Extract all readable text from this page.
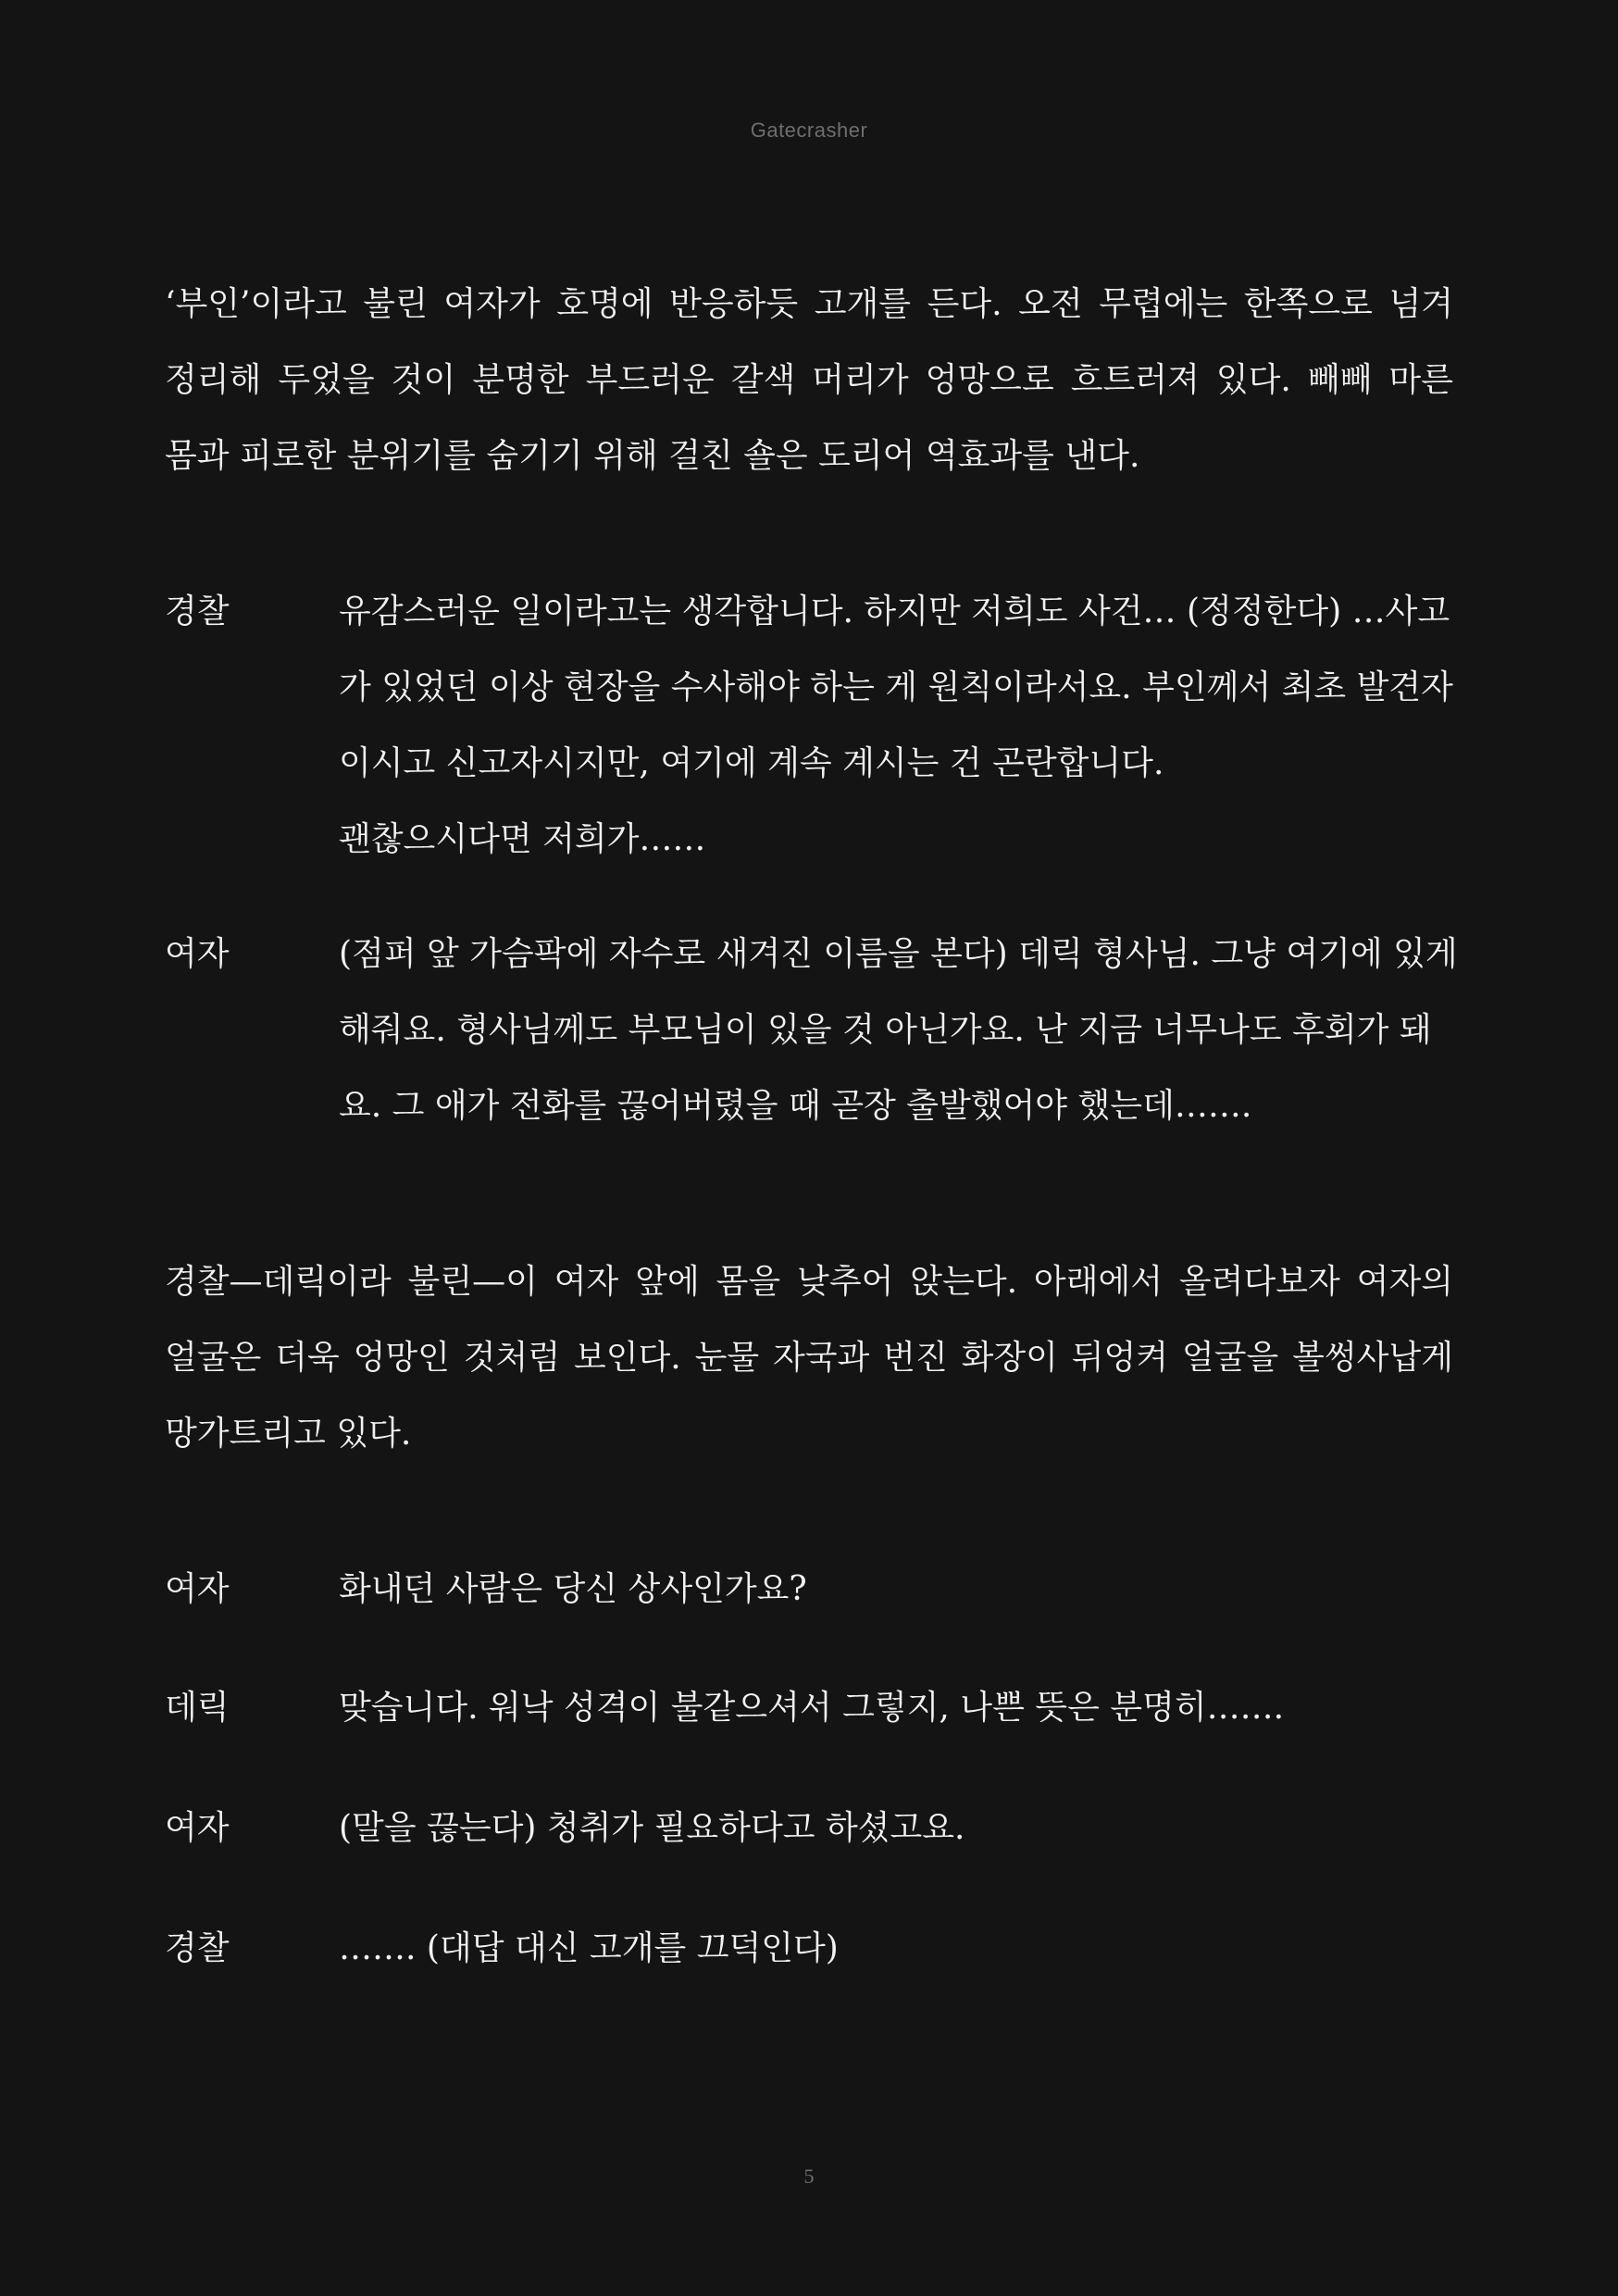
Gatecrasher

‘부인’이라고 불린 여자가 호명에 반응하듯 고개를 든다. 오전 무렵에는 한쪽으로 넘겨 정리해 두었을 것이 분명한 부드러운 갈색 머리가 엉망으로 흐트러져 있다. 빼빼 마른 몸과 피로한 분위기를 숨기기 위해 걸친 숄은 도리어 역효과를 낸다.

경찰	유감스러운 일이라고는 생각합니다. 하지만 저희도 사건… (정정한다) …사고
가 있었던 이상 현장을 수사해야 하는 게 원칙이라서요. 부인께서 최초 발견자
이시고 신고자시지만, 여기에 계속 계시는 건 곤란합니다.
괜찮으시다면 저희가……
여자	(점퍼 앞 가슴팍에 자수로 새겨진 이름을 본다) 데릭 형사님. 그냥 여기에 있게
해줘요. 형사님께도 부모님이 있을 것 아닌가요. 난 지금 너무나도 후회가 돼
요. 그 애가 전화를 끊어버렸을 때 곧장 출발했어야 했는데…….

경찰—데릭이라 불린—이 여자 앞에 몸을 낮추어 앉는다. 아래에서 올려다보자 여자의 얼굴은 더욱 엉망인 것처럼 보인다. 눈물 자국과 번진 화장이 뒤엉켜 얼굴을 볼썽사납게 망가트리고 있다.

여자	화내던 사람은 당신 상사인가요?
데릭	맞습니다. 워낙 성격이 불같으셔서 그렇지, 나쁜 뜻은 분명히…….
여자	(말을 끊는다) 청취가 필요하다고 하셨고요.
경찰	……. (대답 대신 고개를 끄덕인다)
5
